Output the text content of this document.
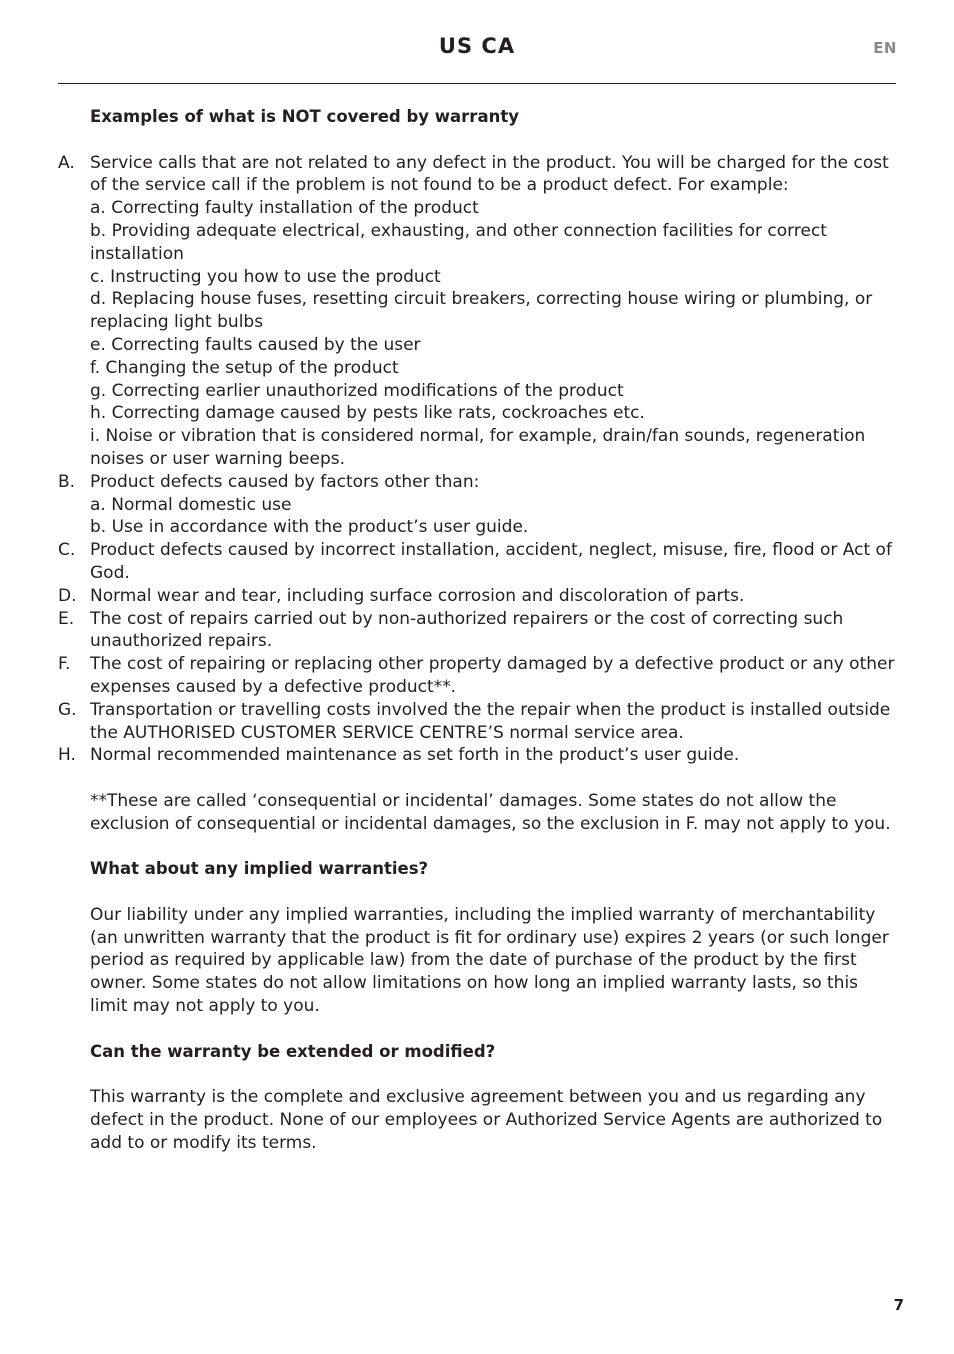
US CA	EN
Examples of what is NOT covered by warranty
A. Service calls that are not related to any defect in the product. You will be charged for the cost of the service call if the problem is not found to be a product defect. For example:
a. Correcting faulty installation of the product
b. Providing adequate electrical, exhausting, and other connection facilities for correct installation
c. Instructing you how to use the product
d. Replacing house fuses, resetting circuit breakers, correcting house wiring or plumbing, or replacing light bulbs
e. Correcting faults caused by the user
f. Changing the setup of the product
g. Correcting earlier unauthorized modifications of the product
h. Correcting damage caused by pests like rats, cockroaches etc.
i. Noise or vibration that is considered normal, for example, drain/fan sounds, regeneration noises or user warning beeps.
B. Product defects caused by factors other than:
a. Normal domestic use
b. Use in accordance with the product’s user guide.
C. Product defects caused by incorrect installation, accident, neglect, misuse, fire, flood or Act of God.
D. Normal wear and tear, including surface corrosion and discoloration of parts.
E. The cost of repairs carried out by non-authorized repairers or the cost of correcting such unauthorized repairs.
F. The cost of repairing or replacing other property damaged by a defective product or any other expenses caused by a defective product**.
G. Transportation or travelling costs involved the the repair when the product is installed outside the AUTHORISED CUSTOMER SERVICE CENTRE’S normal service area.
H. Normal recommended maintenance as set forth in the product’s user guide.
**These are called ‘consequential or incidental’ damages. Some states do not allow the exclusion of consequential or incidental damages, so the exclusion in F. may not apply to you.
What about any implied warranties?
Our liability under any implied warranties, including the implied warranty of merchantability (an unwritten warranty that the product is fit for ordinary use) expires 2 years (or such longer period as required by applicable law) from the date of purchase of the product by the first owner. Some states do not allow limitations on how long an implied warranty lasts, so this limit may not apply to you.
Can the warranty be extended or modified?
This warranty is the complete and exclusive agreement between you and us regarding any defect in the product. None of our employees or Authorized Service Agents are authorized to add to or modify its terms.
7
